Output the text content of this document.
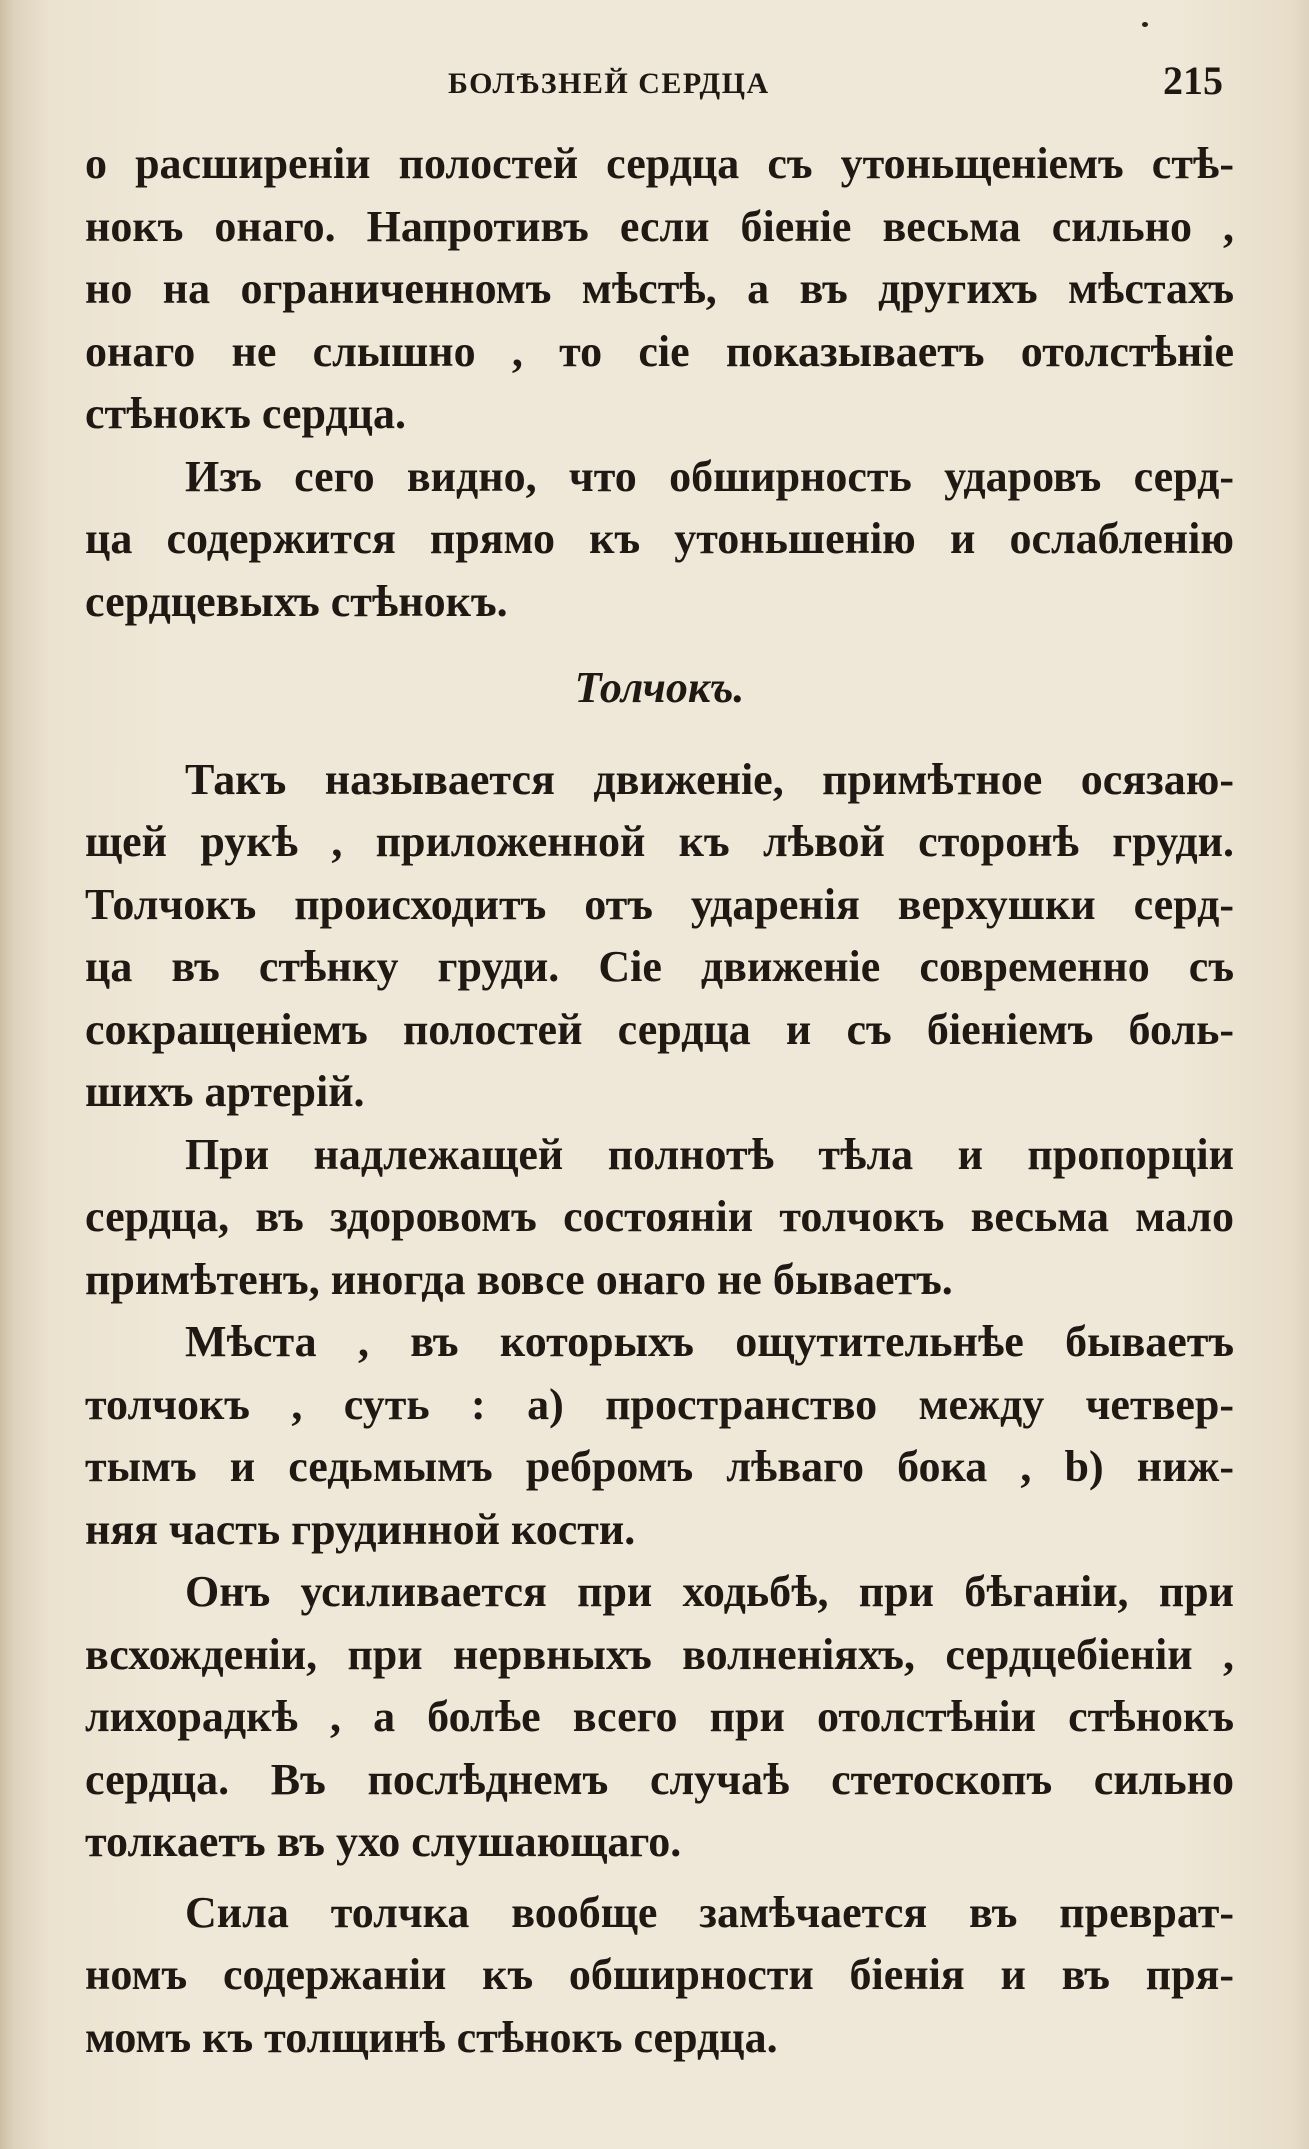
БОЛѢЗНЕЙ СЕРДЦА	215
о расширеніи полостей сердца съ утоньщеніемъ стѣ-
нокъ онаго. Напротивъ если біеніе весьма сильно ,
но на ограниченномъ мѣстѣ, а въ другихъ мѣстахъ
онаго не слышно , то сіе показываетъ отолстѣніе
стѣнокъ сердца.
Изъ сего видно, что обширность ударовъ серд-
ца содержится прямо къ утоньшенію и ослабленію
сердцевыхъ стѣнокъ.
Толчокъ.
Такъ называется движеніе, примѣтное осязаю-
щей рукѣ , приложенной къ лѣвой сторонѣ груди.
Толчокъ происходитъ отъ ударенія верхушки серд-
ца въ стѣнку груди. Сіе движеніе современно съ
сокращеніемъ полостей сердца и съ біеніемъ боль-
шихъ артерій.
При надлежащей полнотѣ тѣла и пропорціи
сердца, въ здоровомъ состояніи толчокъ весьма мало
примѣтенъ, иногда вовсе онаго не бываетъ.
Мѣста , въ которыхъ ощутительнѣе бываетъ
толчокъ , суть : a) пространство между четвер-
тымъ и седьмымъ ребромъ лѣваго бока , b) ниж-
няя часть грудинной кости.
Онъ усиливается при ходьбѣ, при бѣганіи, при
всхожденіи, при нервныхъ волненіяхъ, сердцебіеніи ,
лихорадкѣ , а болѣе всего при отолстѣніи стѣнокъ
сердца. Въ послѣднемъ случаѣ стетоскопъ сильно
толкаетъ въ ухо слушающаго.
Сила толчка вообще замѣчается въ преврат-
номъ содержаніи къ обширности біенія и въ пря-
момъ къ толщинѣ стѣнокъ сердца.
